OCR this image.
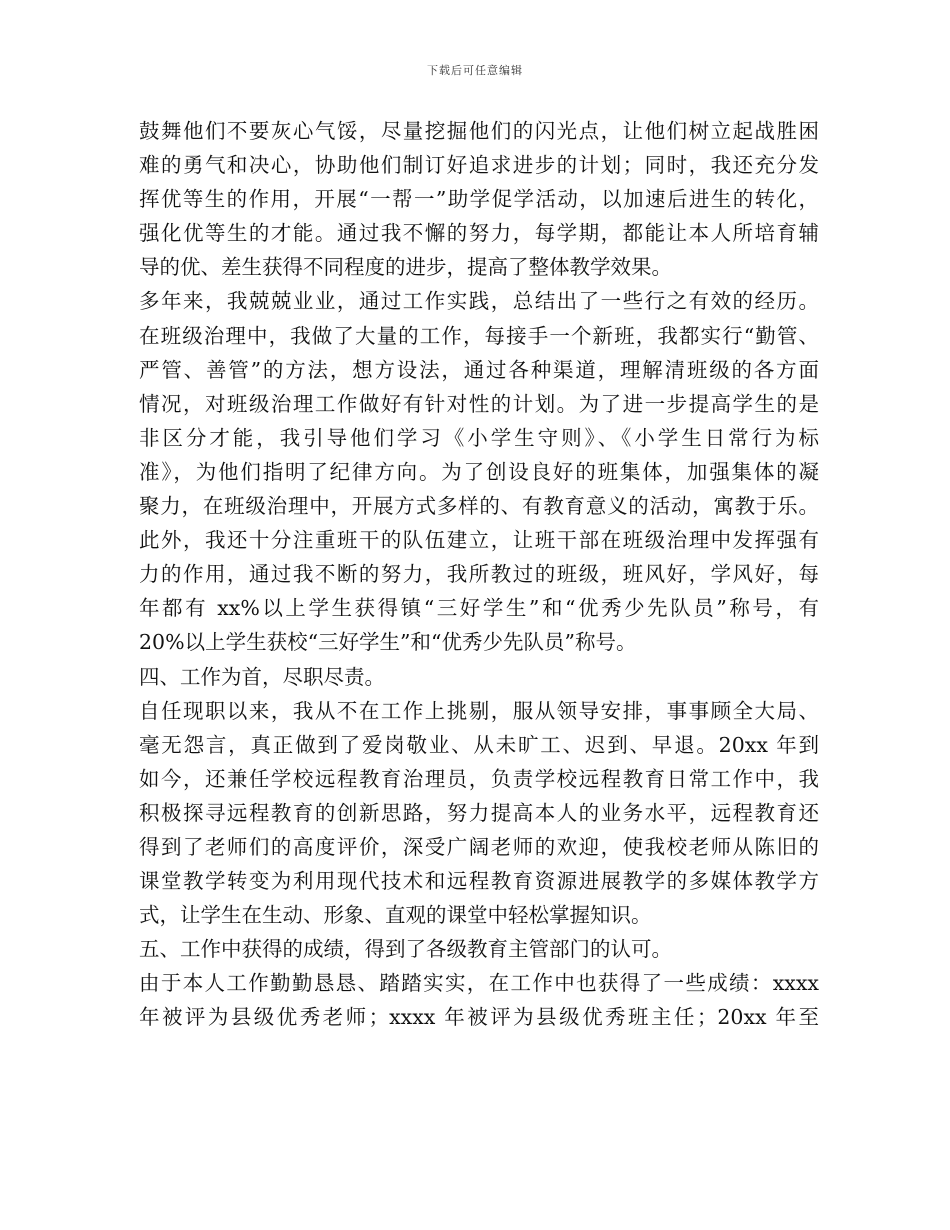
下载后可任意编辑
鼓舞他们不要灰心气馁，尽量挖掘他们的闪光点，让他们树立起战胜困
难的勇气和决心，协助他们制订好追求进步的计划；同时，我还充分发
挥优等生的作用，开展“一帮一”助学促学活动，以加速后进生的转化，
强化优等生的才能。通过我不懈的努力，每学期，都能让本人所培育辅
导的优、差生获得不同程度的进步，提高了整体教学效果。
多年来，我兢兢业业，通过工作实践，总结出了一些行之有效的经历。
在班级治理中，我做了大量的工作，每接手一个新班，我都实行“勤管、
严管、善管”的方法，想方设法，通过各种渠道，理解清班级的各方面
情况，对班级治理工作做好有针对性的计划。为了进一步提高学生的是
非区分才能，我引导他们学习《小学生守则》、《小学生日常行为标
准》，为他们指明了纪律方向。为了创设良好的班集体，加强集体的凝
聚力，在班级治理中，开展方式多样的、有教育意义的活动，寓教于乐。
此外，我还十分注重班干的队伍建立，让班干部在班级治理中发挥强有
力的作用，通过我不断的努力，我所教过的班级，班风好，学风好，每
年都有 xx%以上学生获得镇“三好学生”和“优秀少先队员”称号，有
20%以上学生获校“三好学生”和“优秀少先队员”称号。
四、工作为首，尽职尽责。
自任现职以来，我从不在工作上挑剔，服从领导安排，事事顾全大局、
毫无怨言，真正做到了爱岗敬业、从未旷工、迟到、早退。20xx 年到
如今，还兼任学校远程教育治理员，负责学校远程教育日常工作中，我
积极探寻远程教育的创新思路，努力提高本人的业务水平，远程教育还
得到了老师们的高度评价，深受广阔老师的欢迎，使我校老师从陈旧的
课堂教学转变为利用现代技术和远程教育资源进展教学的多媒体教学方
式，让学生在生动、形象、直观的课堂中轻松掌握知识。
五、工作中获得的成绩，得到了各级教育主管部门的认可。
由于本人工作勤勤恳恳、踏踏实实，在工作中也获得了一些成绩：xxxx
年被评为县级优秀老师；xxxx 年被评为县级优秀班主任；20xx 年至
